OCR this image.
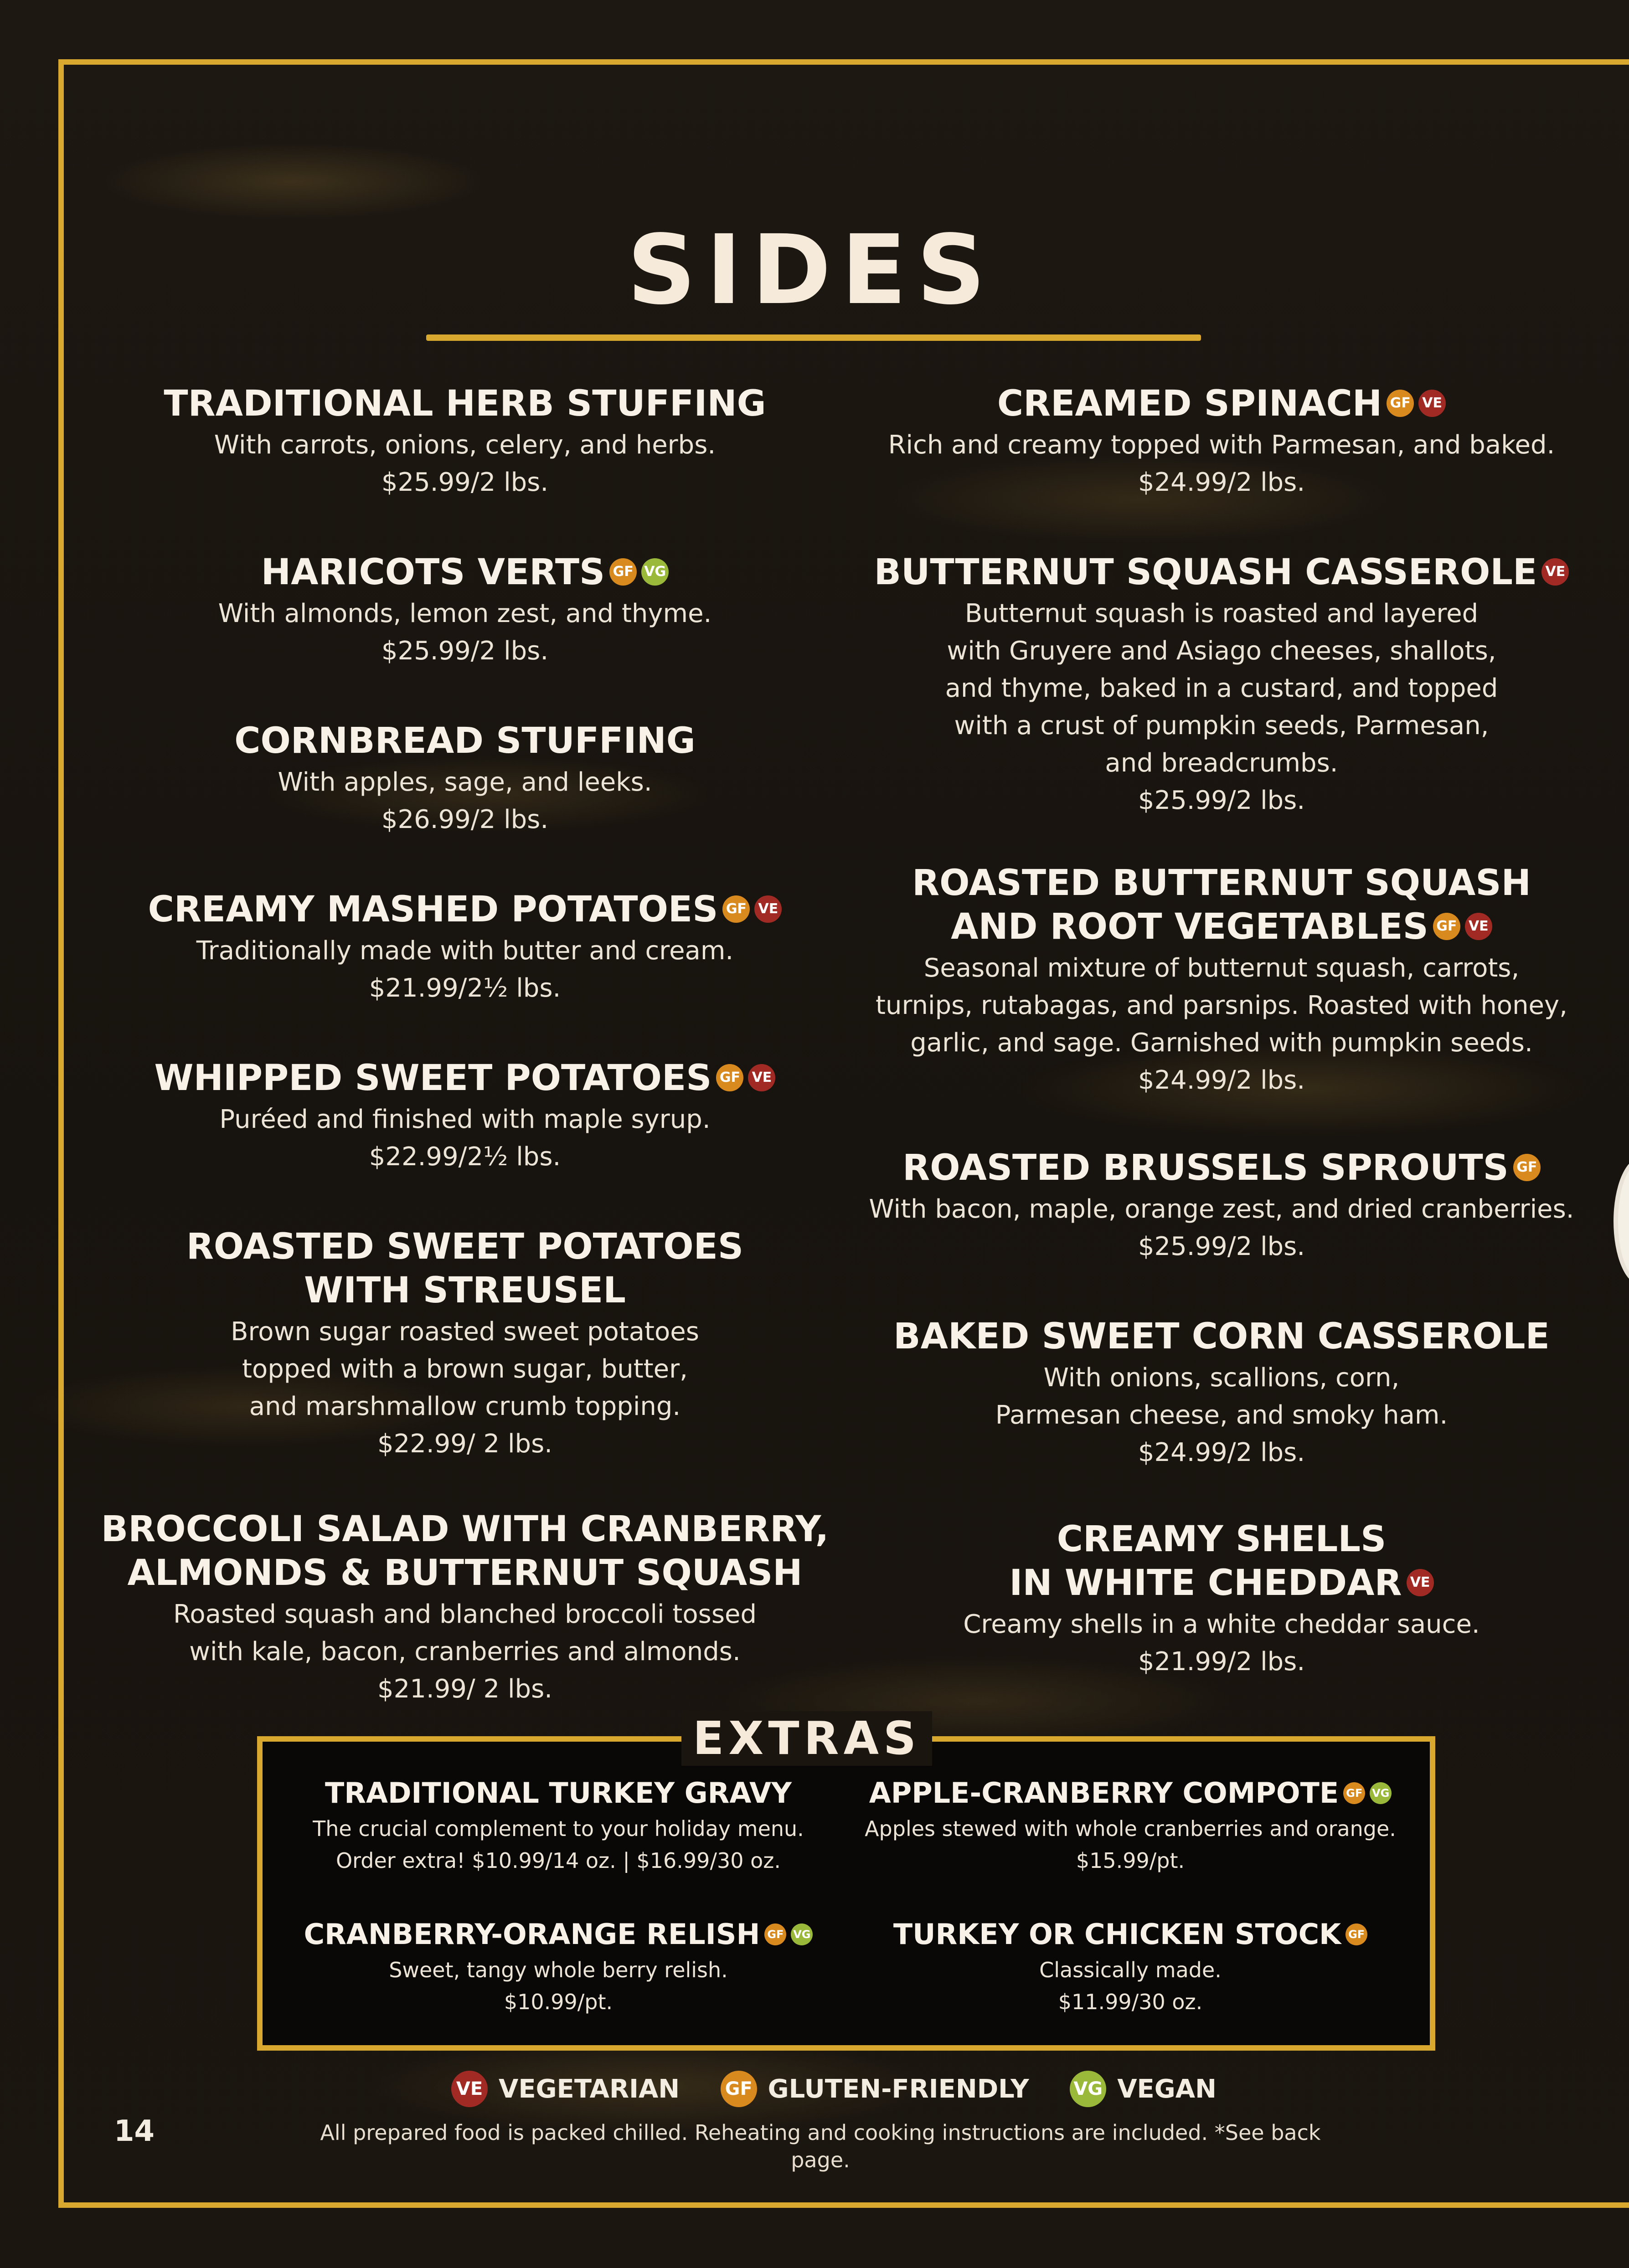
SIDES
TRADITIONAL HERB STUFFING
With carrots, onions, celery, and herbs.
$25.99/2 lbs.
HARICOTS VERTS GF VG
With almonds, lemon zest, and thyme.
$25.99/2 lbs.
CORNBREAD STUFFING
With apples, sage, and leeks.
$26.99/2 lbs.
CREAMY MASHED POTATOES GF VE
Traditionally made with butter and cream.
$21.99/2½ lbs.
WHIPPED SWEET POTATOES GF VE
Puréed and finished with maple syrup.
$22.99/2½ lbs.
ROASTED SWEET POTATOES
WITH STREUSEL
Brown sugar roasted sweet potatoes
topped with a brown sugar, butter,
and marshmallow crumb topping.
$22.99/ 2 lbs.
BROCCOLI SALAD WITH CRANBERRY,
ALMONDS & BUTTERNUT SQUASH
Roasted squash and blanched broccoli tossed
with kale, bacon, cranberries and almonds.
$21.99/ 2 lbs.
CREAMED SPINACH GF VE
Rich and creamy topped with Parmesan, and baked.
$24.99/2 lbs.
BUTTERNUT SQUASH CASSEROLE VE
Butternut squash is roasted and layered
with Gruyere and Asiago cheeses, shallots,
and thyme, baked in a custard, and topped
with a crust of pumpkin seeds, Parmesan,
and breadcrumbs.
$25.99/2 lbs.
ROASTED BUTTERNUT SQUASH
AND ROOT VEGETABLES GF VE
Seasonal mixture of butternut squash, carrots,
turnips, rutabagas, and parsnips. Roasted with honey,
garlic, and sage. Garnished with pumpkin seeds.
$24.99/2 lbs.
ROASTED BRUSSELS SPROUTS GF
With bacon, maple, orange zest, and dried cranberries.
$25.99/2 lbs.
BAKED SWEET CORN CASSEROLE
With onions, scallions, corn,
Parmesan cheese, and smoky ham.
$24.99/2 lbs.
CREAMY SHELLS
IN WHITE CHEDDAR VE
Creamy shells in a white cheddar sauce.
$21.99/2 lbs.
EXTRAS
TRADITIONAL TURKEY GRAVY
The crucial complement to your holiday menu.
Order extra! $10.99/14 oz. | $16.99/30 oz.
APPLE-CRANBERRY COMPOTE GF VG
Apples stewed with whole cranberries and orange.
$15.99/pt.
CRANBERRY-ORANGE RELISH GF VG
Sweet, tangy whole berry relish.
$10.99/pt.
TURKEY OR CHICKEN STOCK GF
Classically made.
$11.99/30 oz.
VE VEGETARIAN GF GLUTEN-FRIENDLY VG VEGAN
14	All prepared food is packed chilled. Reheating and cooking instructions are included. *See back page.
